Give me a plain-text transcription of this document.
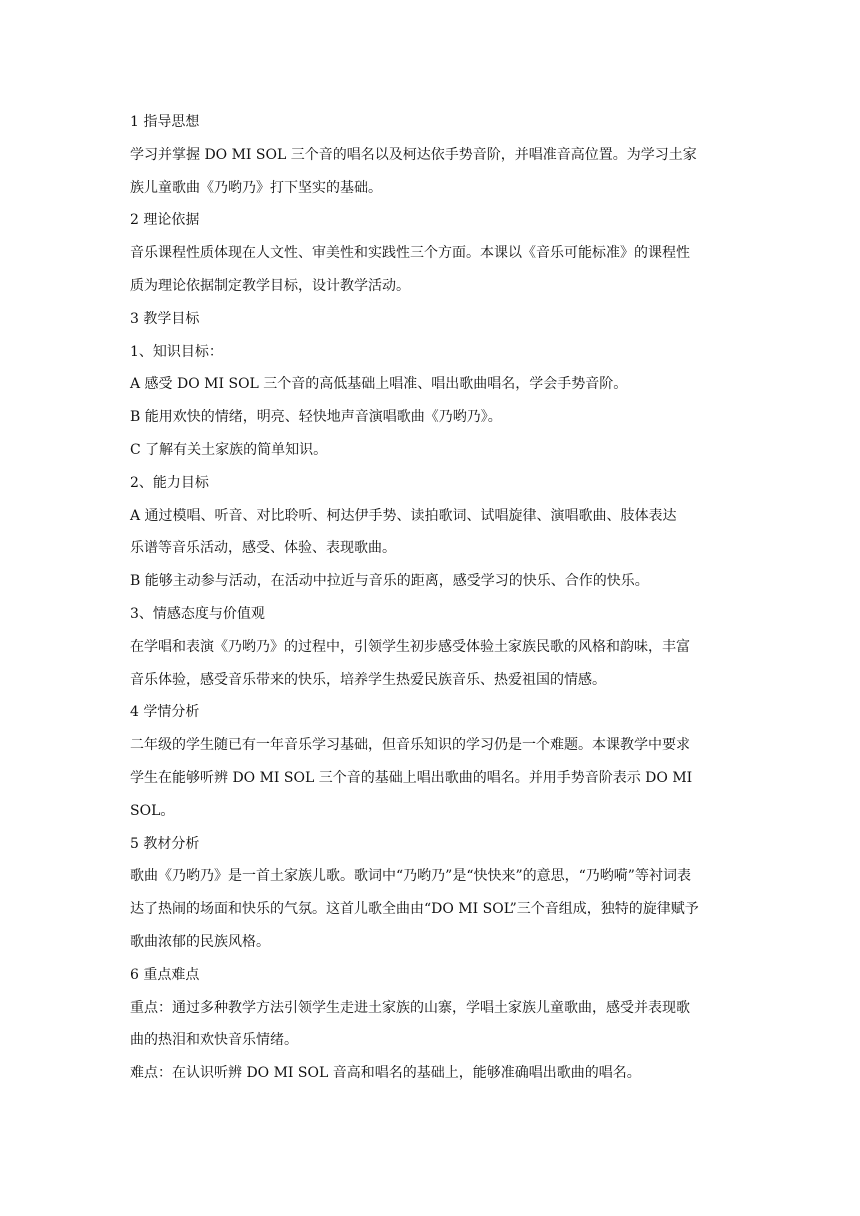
1 指导思想

学习并掌握 DO MI SOL 三个音的唱名以及柯达依手势音阶，并唱准音高位置。为学习土家
族儿童歌曲《乃哟乃》打下坚实的基础。

2 理论依据

音乐课程性质体现在人文性、审美性和实践性三个方面。本课以《音乐可能标准》的课程性
质为理论依据制定教学目标，设计教学活动。

3 教学目标

1、知识目标：

A 感受 DO MI SOL 三个音的高低基础上唱准、唱出歌曲唱名，学会手势音阶。

B 能用欢快的情绪，明亮、轻快地声音演唱歌曲《乃哟乃》。

C 了解有关土家族的简单知识。

2、能力目标

A 通过模唱、听音、对比聆听、柯达伊手势、读拍歌词、试唱旋律、演唱歌曲、肢体表达
乐谱等音乐活动，感受、体验、表现歌曲。

B 能够主动参与活动，在活动中拉近与音乐的距离，感受学习的快乐、合作的快乐。

3、情感态度与价值观

在学唱和表演《乃哟乃》的过程中，引领学生初步感受体验土家族民歌的风格和韵味，丰富
音乐体验，感受音乐带来的快乐，培养学生热爱民族音乐、热爱祖国的情感。

4 学情分析

二年级的学生随已有一年音乐学习基础，但音乐知识的学习仍是一个难题。本课教学中要求
学生在能够听辨 DO MI SOL 三个音的基础上唱出歌曲的唱名。并用手势音阶表示 DO MI
SOL。

5 教材分析

歌曲《乃哟乃》是一首土家族儿歌。歌词中“乃哟乃”是“快快来”的意思，“乃哟嗬”等衬词表
达了热闹的场面和快乐的气氛。这首儿歌全曲由“DO MI SOL”三个音组成，独特的旋律赋予
歌曲浓郁的民族风格。

6 重点难点

重点：通过多种教学方法引领学生走进土家族的山寨，学唱土家族儿童歌曲，感受并表现歌
曲的热泪和欢快音乐情绪。

难点：在认识听辨 DO MI SOL 音高和唱名的基础上，能够准确唱出歌曲的唱名。
